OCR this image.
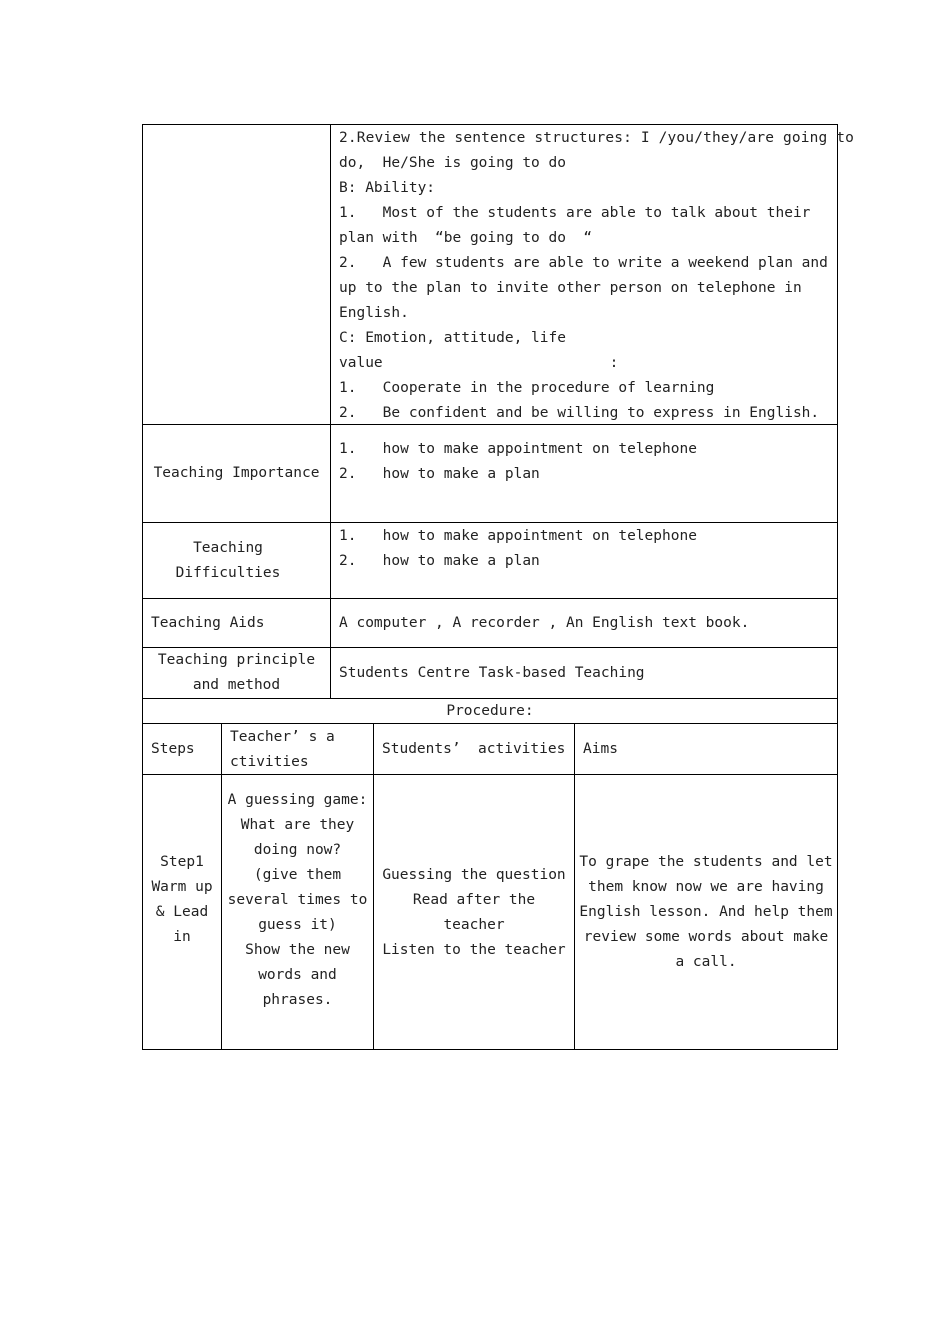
2.Review the sentence structures: I /you/they/are going to
do,  He/She is going to do
B: Ability:
1.   Most of the students are able to talk about their
plan with  “be going to do  “
2.   A few students are able to write a weekend plan and
up to the plan to invite other person on telephone in
English.
C: Emotion, attitude, life
value                          :
1.   Cooperate in the procedure of learning
2.   Be confident and be willing to express in English.
Teaching Importance
1.   how to make appointment on telephone
2.   how to make a plan
Teaching
Difficulties
1.   how to make appointment on telephone
2.   how to make a plan
Teaching Aids	A computer , A recorder , An English text book.
Teaching principle
and method
Students Centre Task-based Teaching
Procedure:
Steps
Teacher’ s a
ctivities
Students’  activities Aims
Step1
Warm up
& Lead
in
A guessing game:
What are they
doing now?
(give them
several times to
guess it)
Show the new
words and
phrases.
Guessing the question
Read after the
teacher
Listen to the teacher
To grape the students and let
them know now we are having
English lesson. And help them
review some words about make
a call.
